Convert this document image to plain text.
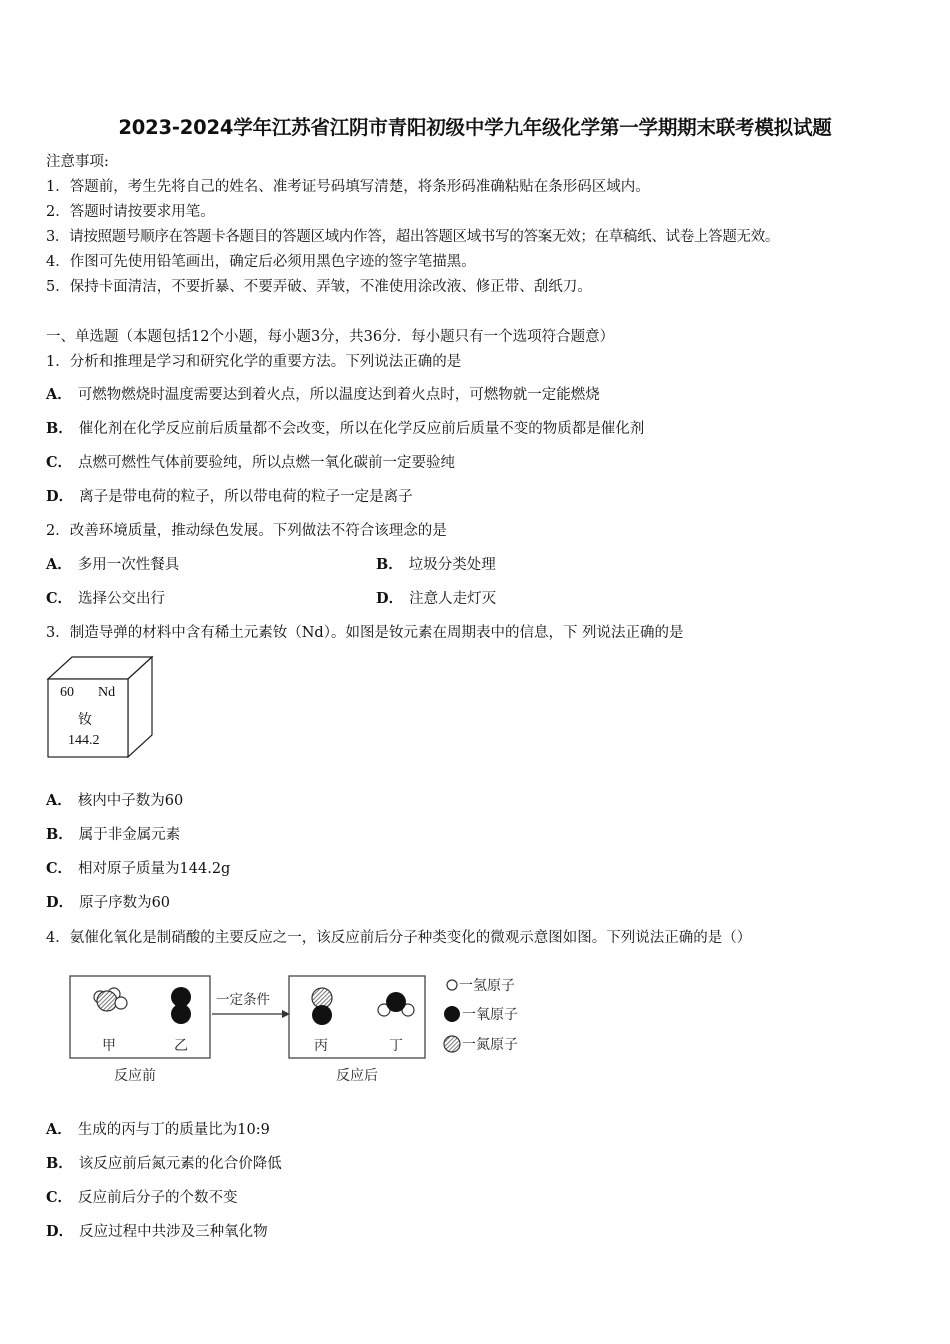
2023-2024学年江苏省江阴市青阳初级中学九年级化学第一学期期末联考模拟试题
注意事项:
1．答题前，考生先将自己的姓名、准考证号码填写清楚，将条形码准确粘贴在条形码区域内。
2．答题时请按要求用笔。
3．请按照题号顺序在答题卡各题目的答题区域内作答，超出答题区域书写的答案无效；在草稿纸、试卷上答题无效。
4．作图可先使用铅笔画出，确定后必须用黑色字迹的签字笔描黑。
5．保持卡面清洁，不要折暴、不要弄破、弄皱，不准使用涂改液、修正带、刮纸刀。
一、单选题（本题包括12个小题，每小题3分，共36分．每小题只有一个选项符合题意）
1．分析和推理是学习和研究化学的重要方法。下列说法正确的是
A． 可燃物燃烧时温度需要达到着火点，所以温度达到着火点时，可燃物就一定能燃烧
B． 催化剂在化学反应前后质量都不会改变，所以在化学反应前后质量不变的物质都是催化剂
C． 点燃可燃性气体前要验纯，所以点燃一氧化碳前一定要验纯
D． 离子是带电荷的粒子，所以带电荷的粒子一定是离子
2．改善环境质量，推动绿色发展。下列做法不符合该理念的是
A． 多用一次性餐具	B． 垃圾分类处理
C． 选择公交出行	D． 注意人走灯灭
3．制造导弹的材料中含有稀土元素钕（Nd）。如图是钕元素在周期表中的信息，下 列说法正确的是
60 Nd
钕
144.2
A． 核内中子数为60
B． 属于非金属元素
C． 相对原子质量为144.2g
D． 原子序数为60
4．氨催化氧化是制硝酸的主要反应之一，该反应前后分子种类变化的微观示意图如图。下列说法正确的是（）
甲	乙	丙	丁
一定条件
反应前	反应后
一氢原子
一氧原子
一氮原子
A． 生成的丙与丁的质量比为10:9
B． 该反应前后氮元素的化合价降低
C． 反应前后分子的个数不变
D． 反应过程中共涉及三种氧化物
